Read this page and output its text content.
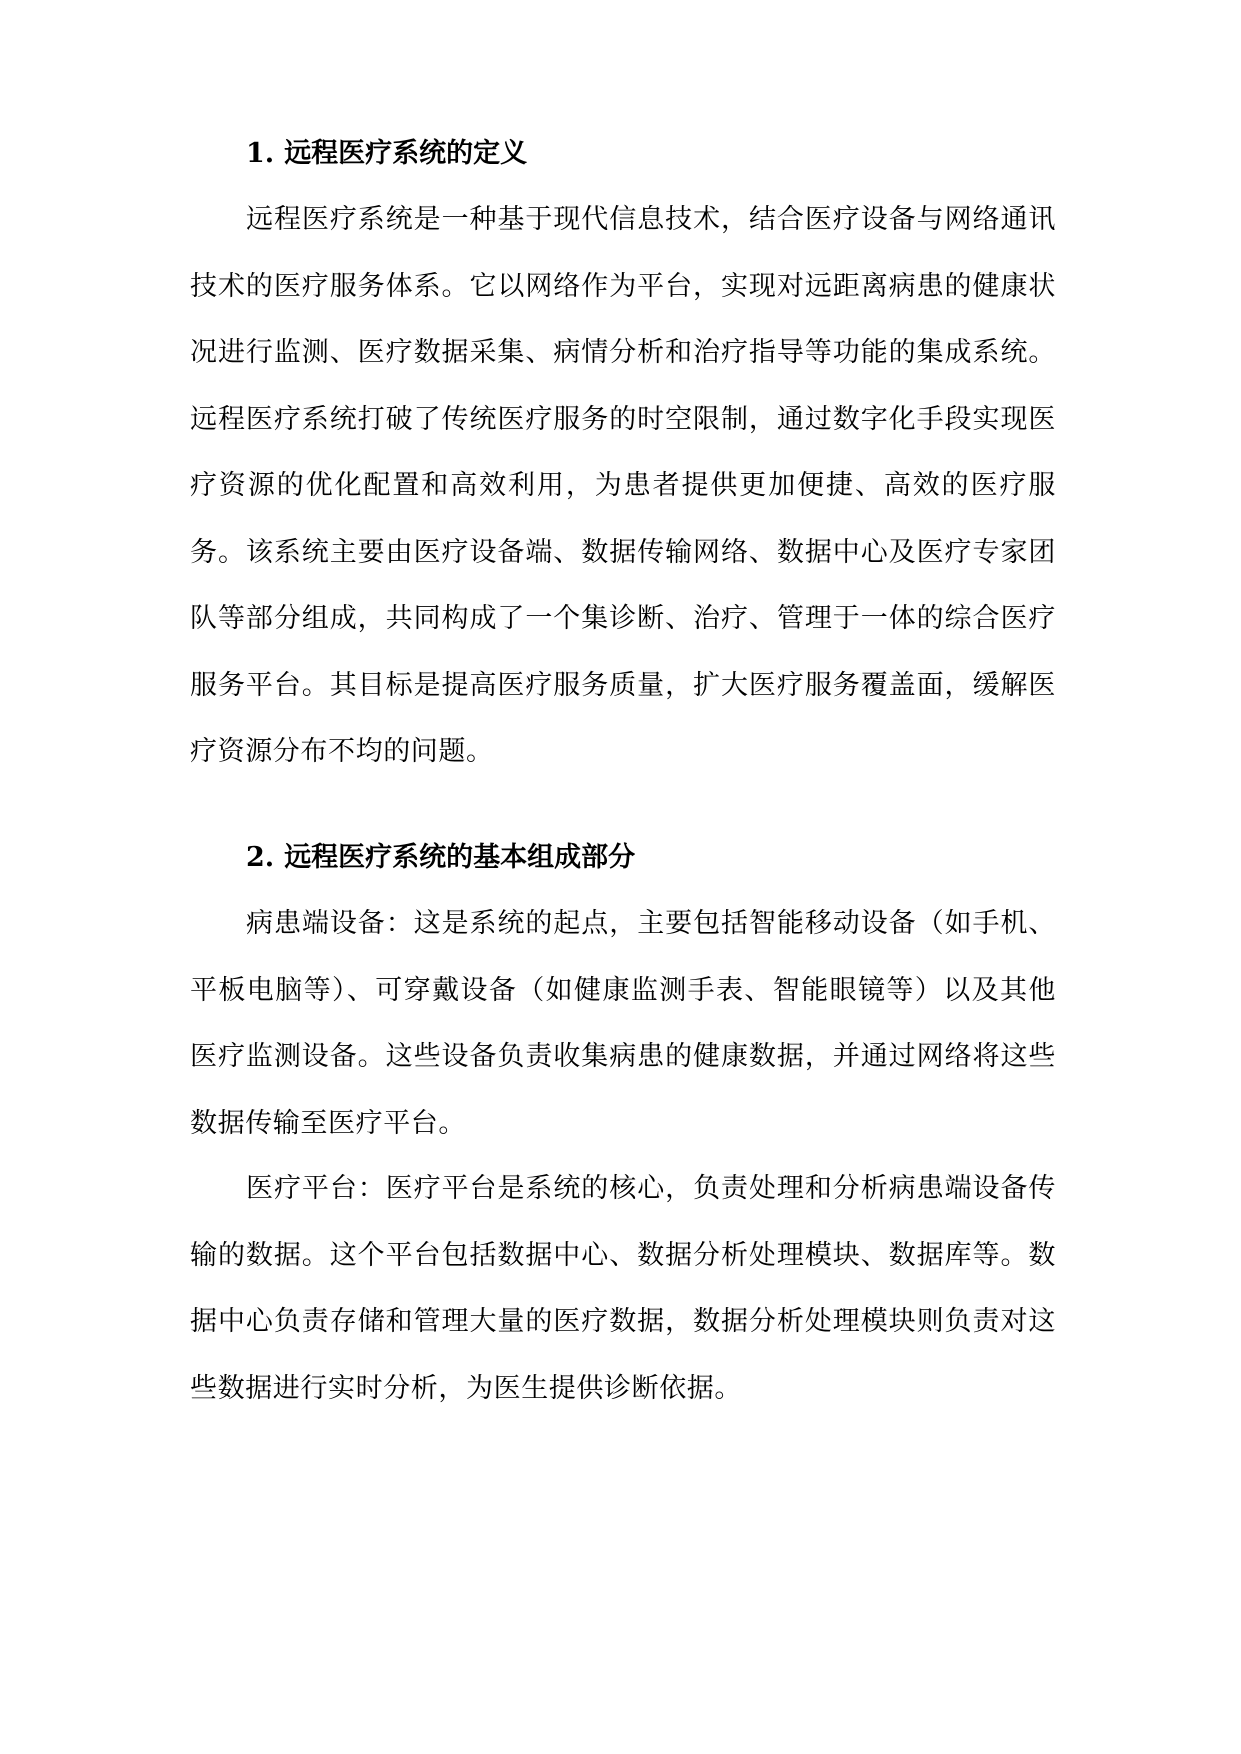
1. 远程医疗系统的定义

远程医疗系统是一种基于现代信息技术，结合医疗设备与网络通讯技术的医疗服务体系。它以网络作为平台，实现对远距离病患的健康状况进行监测、医疗数据采集、病情分析和治疗指导等功能的集成系统。远程医疗系统打破了传统医疗服务的时空限制，通过数字化手段实现医疗资源的优化配置和高效利用，为患者提供更加便捷、高效的医疗服务。该系统主要由医疗设备端、数据传输网络、数据中心及医疗专家团队等部分组成，共同构成了一个集诊断、治疗、管理于一体的综合医疗服务平台。其目标是提高医疗服务质量，扩大医疗服务覆盖面，缓解医疗资源分布不均的问题。

2. 远程医疗系统的基本组成部分

病患端设备：这是系统的起点，主要包括智能移动设备（如手机、平板电脑等）、可穿戴设备（如健康监测手表、智能眼镜等）以及其他医疗监测设备。这些设备负责收集病患的健康数据，并通过网络将这些数据传输至医疗平台。

医疗平台：医疗平台是系统的核心，负责处理和分析病患端设备传输的数据。这个平台包括数据中心、数据分析处理模块、数据库等。数据中心负责存储和管理大量的医疗数据，数据分析处理模块则负责对这些数据进行实时分析，为医生提供诊断依据。
